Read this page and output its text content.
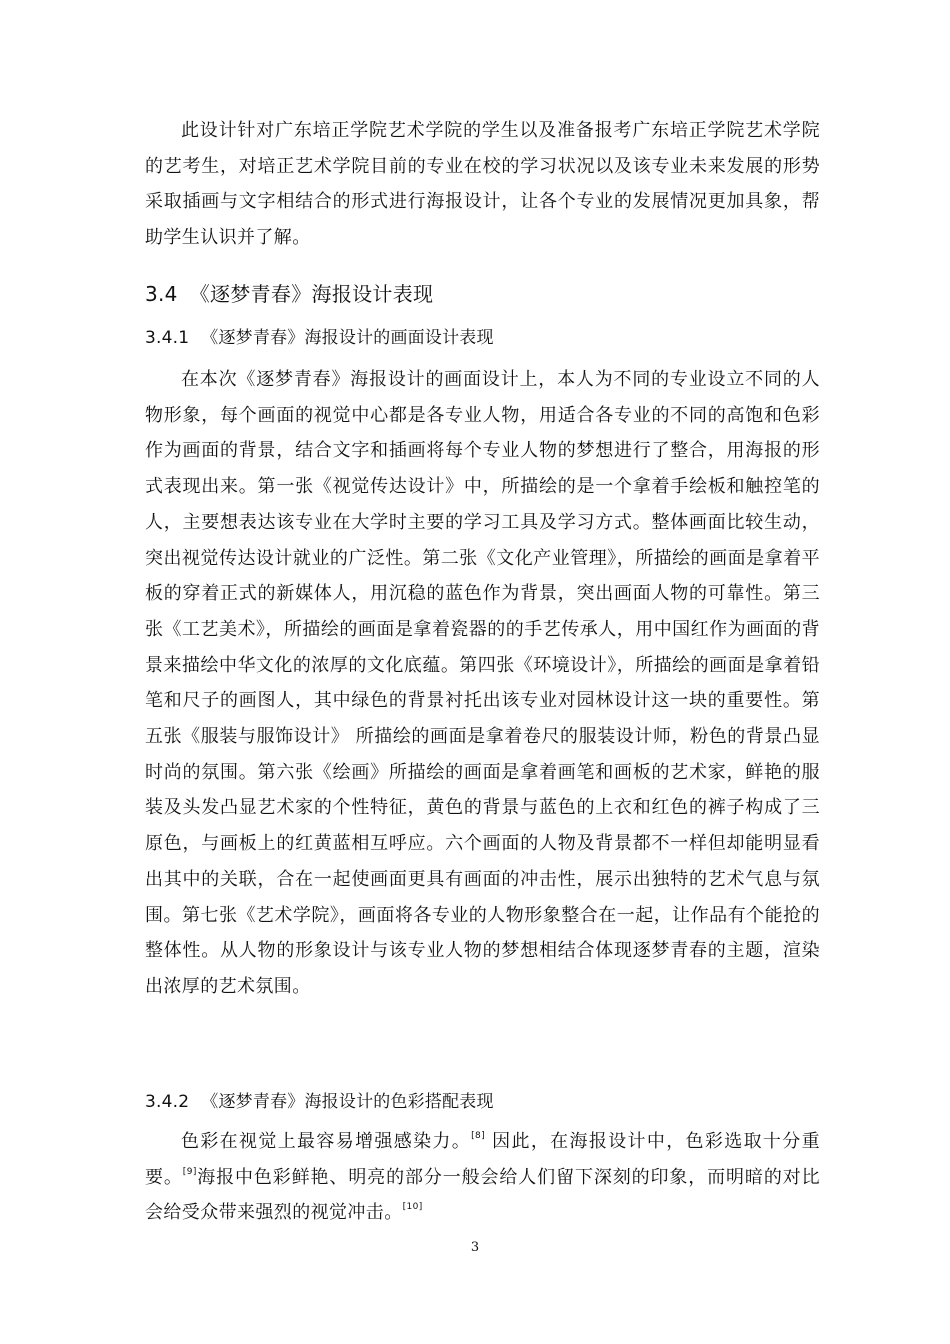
此设计针对广东培正学院艺术学院的学生以及准备报考广东培正学院艺术学院的艺考生，对培正艺术学院目前的专业在校的学习状况以及该专业未来发展的形势采取插画与文字相结合的形式进行海报设计，让各个专业的发展情况更加具象，帮助学生认识并了解。

3.4 《逐梦青春》海报设计表现
3.4.1 《逐梦青春》海报设计的画面设计表现

在本次《逐梦青春》海报设计的画面设计上，本人为不同的专业设立不同的人物形象，每个画面的视觉中心都是各专业人物，用适合各专业的不同的高饱和色彩作为画面的背景，结合文字和插画将每个专业人物的梦想进行了整合，用海报的形式表现出来。第一张《视觉传达设计》中，所描绘的是一个拿着手绘板和触控笔的人，主要想表达该专业在大学时主要的学习工具及学习方式。整体画面比较生动，突出视觉传达设计就业的广泛性。第二张《文化产业管理》，所描绘的画面是拿着平板的穿着正式的新媒体人，用沉稳的蓝色作为背景，突出画面人物的可靠性。第三张《工艺美术》，所描绘的画面是拿着瓷器的的手艺传承人，用中国红作为画面的背景来描绘中华文化的浓厚的文化底蕴。第四张《环境设计》，所描绘的画面是拿着铅笔和尺子的画图人，其中绿色的背景衬托出该专业对园林设计这一块的重要性。第五张《服装与服饰设计》 所描绘的画面是拿着卷尺的服装设计师，粉色的背景凸显时尚的氛围。第六张《绘画》所描绘的画面是拿着画笔和画板的艺术家，鲜艳的服装及头发凸显艺术家的个性特征，黄色的背景与蓝色的上衣和红色的裤子构成了三原色，与画板上的红黄蓝相互呼应。六个画面的人物及背景都不一样但却能明显看出其中的关联，合在一起使画面更具有画面的冲击性，展示出独特的艺术气息与氛围。第七张《艺术学院》，画面将各专业的人物形象整合在一起，让作品有个能抢的整体性。从人物的形象设计与该专业人物的梦想相结合体现逐梦青春的主题，渲染出浓厚的艺术氛围。

3.4.2 《逐梦青春》海报设计的色彩搭配表现

色彩在视觉上最容易增强感染力。[8] 因此，在海报设计中，色彩选取十分重要。[9]海报中色彩鲜艳、明亮的部分一般会给人们留下深刻的印象，而明暗的对比会给受众带来强烈的视觉冲击。[10]

3
